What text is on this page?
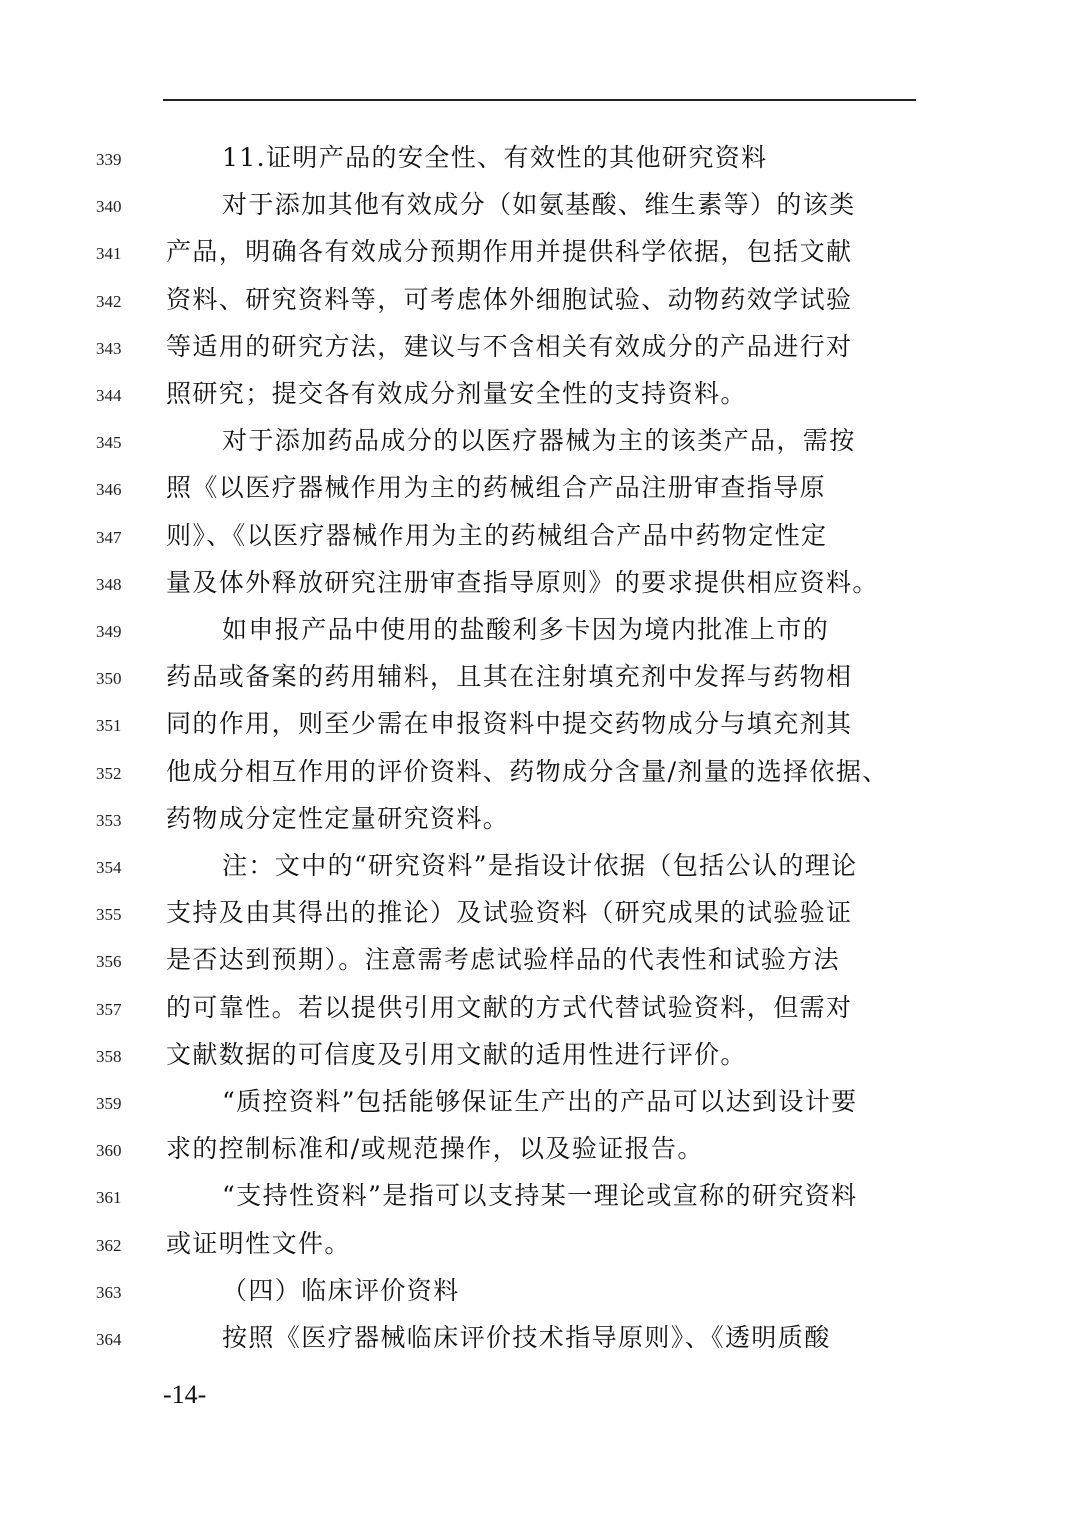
339	11.证明产品的安全性、有效性的其他研究资料
340	对于添加其他有效成分（如氨基酸、维生素等）的该类
341	产品，明确各有效成分预期作用并提供科学依据，包括文献
342	资料、研究资料等，可考虑体外细胞试验、动物药效学试验
343	等适用的研究方法，建议与不含相关有效成分的产品进行对
344	照研究；提交各有效成分剂量安全性的支持资料。
345	对于添加药品成分的以医疗器械为主的该类产品，需按
346	照《以医疗器械作用为主的药械组合产品注册审查指导原
347	则》、《以医疗器械作用为主的药械组合产品中药物定性定
348	量及体外释放研究注册审查指导原则》的要求提供相应资料。
349	如申报产品中使用的盐酸利多卡因为境内批准上市的
350	药品或备案的药用辅料，且其在注射填充剂中发挥与药物相
351	同的作用，则至少需在申报资料中提交药物成分与填充剂其
352	他成分相互作用的评价资料、药物成分含量/剂量的选择依据、
353	药物成分定性定量研究资料。
354	注：文中的“研究资料”是指设计依据（包括公认的理论
355	支持及由其得出的推论）及试验资料（研究成果的试验验证
356	是否达到预期）。注意需考虑试验样品的代表性和试验方法
357	的可靠性。若以提供引用文献的方式代替试验资料，但需对
358	文献数据的可信度及引用文献的适用性进行评价。
359	“质控资料”包括能够保证生产出的产品可以达到设计要
360	求的控制标准和/或规范操作，以及验证报告。
361	“支持性资料”是指可以支持某一理论或宣称的研究资料
362	或证明性文件。
363	（四）临床评价资料
364	按照《医疗器械临床评价技术指导原则》、《透明质酸
-14-
